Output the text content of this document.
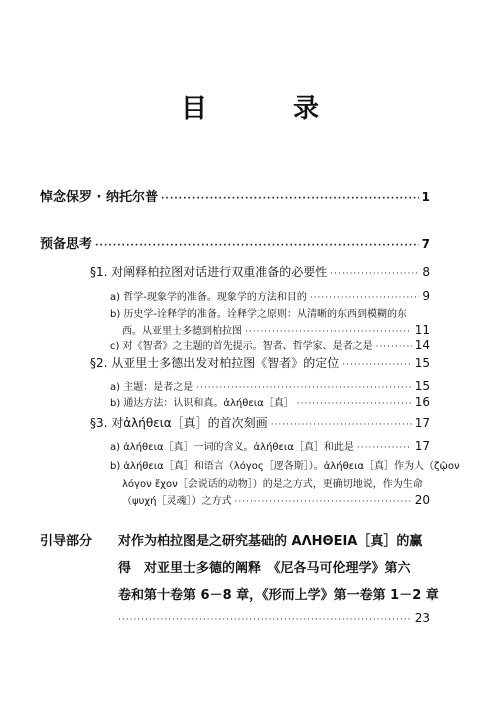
目　录
悼念保罗 · 纳托尔普 ·····	1
预备思考 ·····	7
§1. 对阐释柏拉图对话进行双重准备的必要性 ·····	8
a) 哲学-现象学的准备。现象学的方法和目的 ·····	9
b) 历史学-诠释学的准备。诠释学之原则：从清晰的东西到模糊的东
西。从亚里士多德到柏拉图 ·····	11
c) 对《智者》之主题的首先提示。智者、哲学家、是者之是 ·····	14
§2. 从亚里士多德出发对柏拉图《智者》的定位 ·····	15
a) 主题：是者之是 ·····	15
b) 通达方法：认识和真。ἀλήθεια［真］ ·····	16
§3. 对ἀλήθεια［真］的首次刻画 ·····	17
a) ἀλήθεια［真］一词的含义。ἀλήθεια［真］和此是 ·····	17
b) ἀλήθεια［真］和语言（λόγος［逻各斯］）。ἀλήθεια［真］作为人（ζῷον
λόγον ἔχον［会说话的动物］）的是之方式，更确切地说，作为生命
（ψυχή［灵魂］）之方式 ·····	20
引导部分 对作为柏拉图是之研究基础的 ΑΛΗΘΕΙΑ［真］的赢
得　对亚里士多德的阐释　《尼各马可伦理学》第六
卷和第十卷第 6－8 章，《形而上学》第一卷第 1－2 章
·····
23
